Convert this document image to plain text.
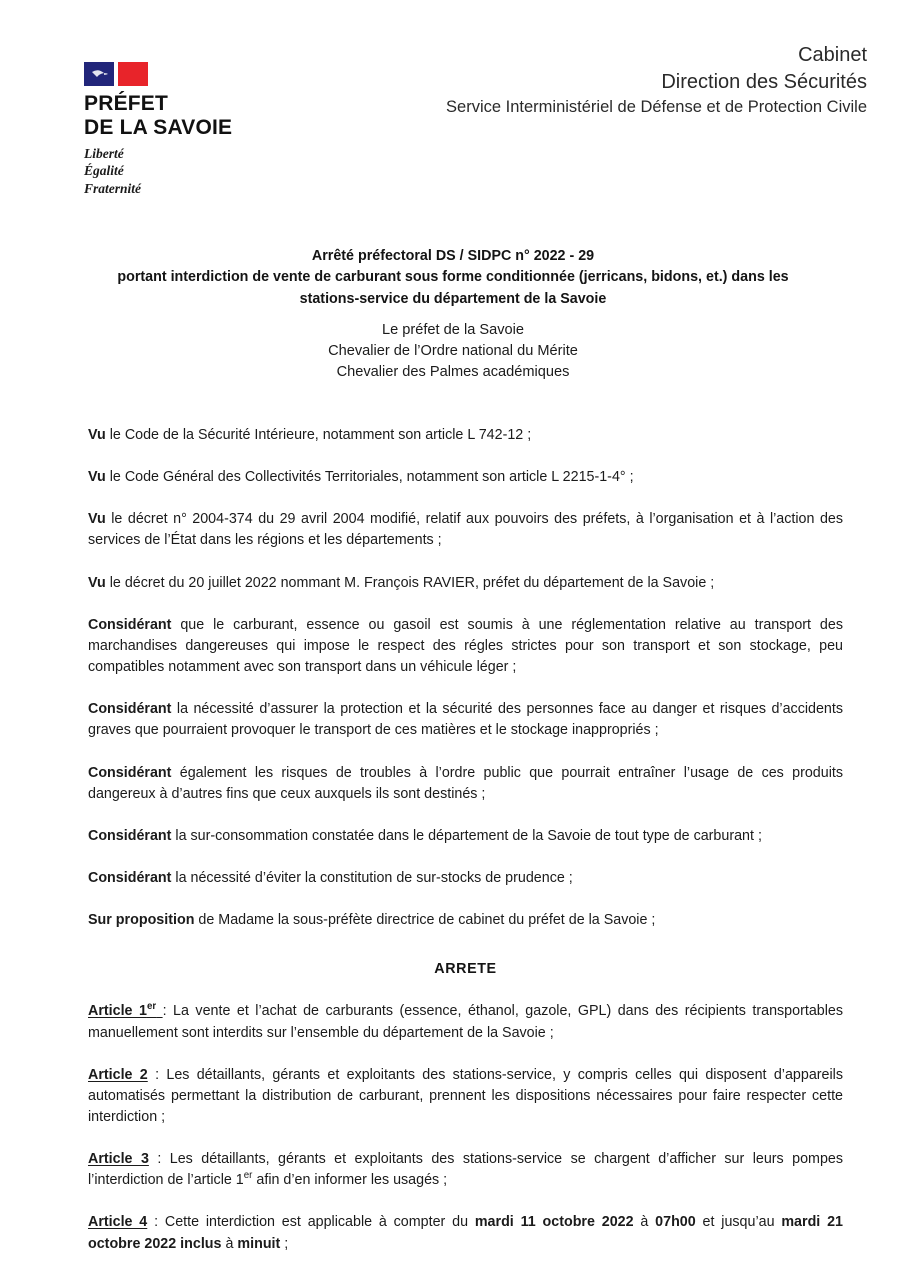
PRÉFET
DE LA SAVOIE
Liberté
Égalité
Fraternité
Cabinet
Direction des Sécurités
Service Interministériel de Défense et de Protection Civile
Arrêté préfectoral DS / SIDPC n° 2022 - 29
portant interdiction de vente de carburant sous forme conditionnée (jerricans, bidons, et.) dans les
stations-service du département de la Savoie
Le préfet de la Savoie
Chevalier de l’Ordre national du Mérite
Chevalier des Palmes académiques

Vu le Code de la Sécurité Intérieure, notamment son article L 742-12 ;

Vu le Code Général des Collectivités Territoriales, notamment son article L 2215-1-4° ;

Vu le décret n° 2004-374 du 29 avril 2004 modifié, relatif aux pouvoirs des préfets, à l’organisation et à l’action des services de l’État dans les régions et les départements ;

Vu le décret du 20 juillet 2022 nommant M. François RAVIER, préfet du département de la Savoie ;

Considérant que le carburant, essence ou gasoil est soumis à une réglementation relative au transport des marchandises dangereuses qui impose le respect des régles strictes pour son transport et son stockage, peu compatibles notamment avec son transport dans un véhicule léger ;

Considérant la nécessité d’assurer la protection et la sécurité des personnes face au danger et risques d’accidents graves que pourraient provoquer le transport de ces matières et le stockage inappropriés ;

Considérant également les risques de troubles à l’ordre public que pourrait entraîner l’usage de ces produits dangereux à d’autres fins que ceux auxquels ils sont destinés ;

Considérant la sur-consommation constatée dans le département de la Savoie de tout type de carburant ;

Considérant la nécessité d’éviter la constitution de sur-stocks de prudence ;

Sur proposition de Madame la sous-préfète directrice de cabinet du préfet de la Savoie ;

ARRETE

Article 1er : La vente et l’achat de carburants (essence, éthanol, gazole, GPL) dans des récipients transportables manuellement sont interdits sur l’ensemble du département de la Savoie ;

Article 2 : Les détaillants, gérants et exploitants des stations-service, y compris celles qui disposent d’appareils automatisés permettant la distribution de carburant, prennent les dispositions nécessaires pour faire respecter cette interdiction ;

Article 3 : Les détaillants, gérants et exploitants des stations-service se chargent d’afficher sur leurs pompes l’interdiction de l’article 1er afin d’en informer les usagés ;

Article 4 : Cette interdiction est applicable à compter du mardi 11 octobre 2022 à 07h00 et jusqu’au mardi 21 octobre 2022 inclus à minuit ;
